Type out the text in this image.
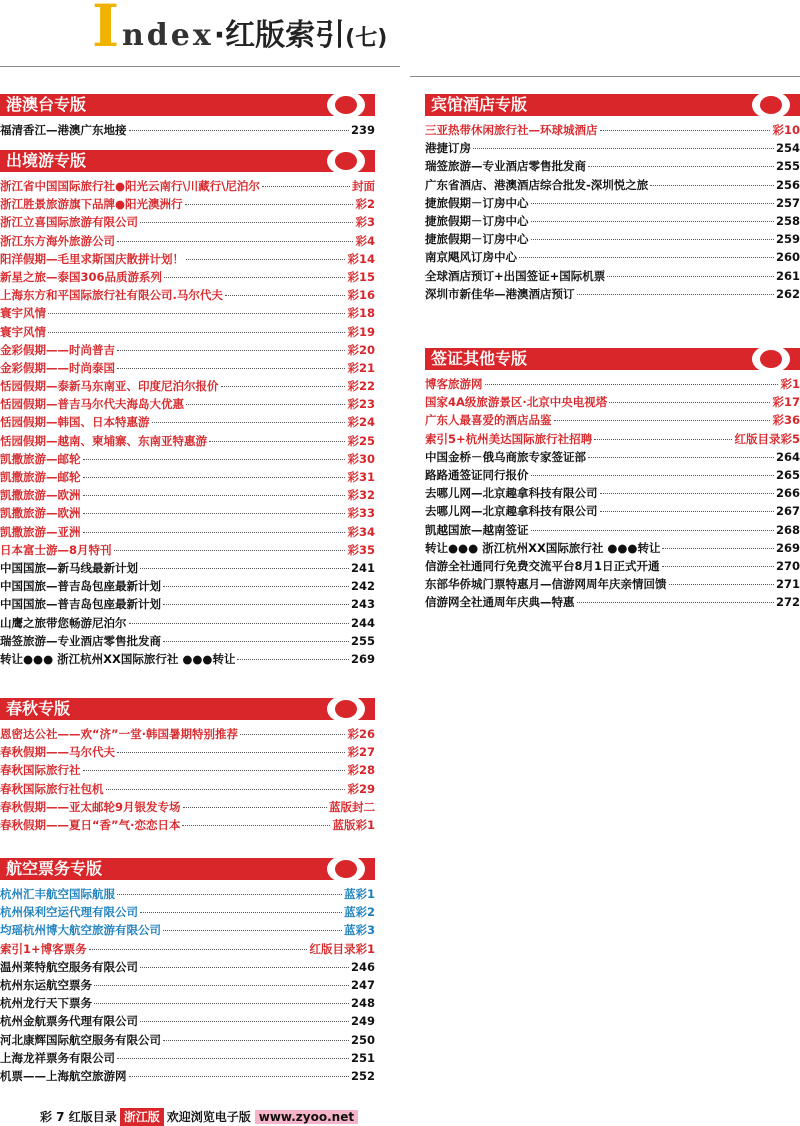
I ndex·红版索引(七)
港澳台专版
福清香江—港澳广东地接	239
出境游专版
浙江省中国国际旅行社●阳光云南行\川藏行\尼泊尔	封面
浙江胜景旅游旗下品牌●阳光澳洲行	彩2
浙江立喜国际旅游有限公司	彩3
浙江东方海外旅游公司	彩4
阳洋假期—毛里求斯国庆散拼计划！	彩14
新星之旅—泰国306品质游系列	彩15
上海东方和平国际旅行社有限公司.马尔代夫	彩16
寰宇风情	彩18
寰宇风情	彩19
金彩假期——时尚普吉	彩20
金彩假期——时尚泰国	彩21
恬园假期—泰新马东南亚、印度尼泊尔报价	彩22
恬园假期—普吉马尔代夫海岛大优惠	彩23
恬园假期—韩国、日本特惠游	彩24
恬园假期—越南、柬埔寨、东南亚特惠游	彩25
凯撒旅游—邮轮	彩30
凯撒旅游—邮轮	彩31
凯撒旅游—欧洲	彩32
凯撒旅游—欧洲	彩33
凯撒旅游—亚洲	彩34
日本富士游—8月特刊	彩35
中国国旅—新马线最新计划	241
中国国旅—普吉岛包座最新计划	242
中国国旅—普吉岛包座最新计划	243
山鹰之旅带您畅游尼泊尔	244
瑞签旅游—专业酒店零售批发商	255
转让●●● 浙江杭州XX国际旅行社 ●●●转让	269
春秋专版
恩密达公社——欢“济”一堂·韩国暑期特别推荐	彩26
春秋假期——马尔代夫	彩27
春秋国际旅行社	彩28
春秋国际旅行社包机	彩29
春秋假期——亚太邮轮9月银发专场	蓝版封二
春秋假期——夏日“香”气·恋恋日本	蓝版彩1
航空票务专版
杭州汇丰航空国际航服	蓝彩1
杭州保利空运代理有限公司	蓝彩2
均瑶杭州博大航空旅游有限公司	蓝彩3
索引1+博客票务	红版目录彩1
温州莱特航空服务有限公司	246
杭州东运航空票务	247
杭州龙行天下票务	248
杭州金航票务代理有限公司	249
河北康辉国际航空服务有限公司	250
上海龙祥票务有限公司	251
机票——上海航空旅游网	252
宾馆酒店专版
三亚热带休闲旅行社—环球城酒店	彩10
港捷订房	254
瑞签旅游—专业酒店零售批发商	255
广东省酒店、港澳酒店综合批发-深圳悦之旅	256
捷旅假期－订房中心	257
捷旅假期－订房中心	258
捷旅假期－订房中心	259
南京飓风订房中心	260
全球酒店预订+出国签证+国际机票	261
深圳市新佳华—港澳酒店预订	262
签证其他专版
博客旅游网	彩1
国家4A级旅游景区·北京中央电视塔	彩17
广东人最喜爱的酒店品鉴	彩36
索引5+杭州美达国际旅行社招聘	红版目录彩5
中国金桥－俄乌商旅专家签证部	264
路路通签证同行报价	265
去哪儿网—北京趣拿科技有限公司	266
去哪儿网—北京趣拿科技有限公司	267
凯越国旅—越南签证	268
转让●●● 浙江杭州XX国际旅行社 ●●●转让	269
信游全社通同行免费交流平台8月1日正式开通	270
东部华侨城门票特惠月—信游网周年庆亲情回馈	271
信游网全社通周年庆典—特惠	272
彩 7 红版目录 浙江版 欢迎浏览电子版 www.zyoo.net
